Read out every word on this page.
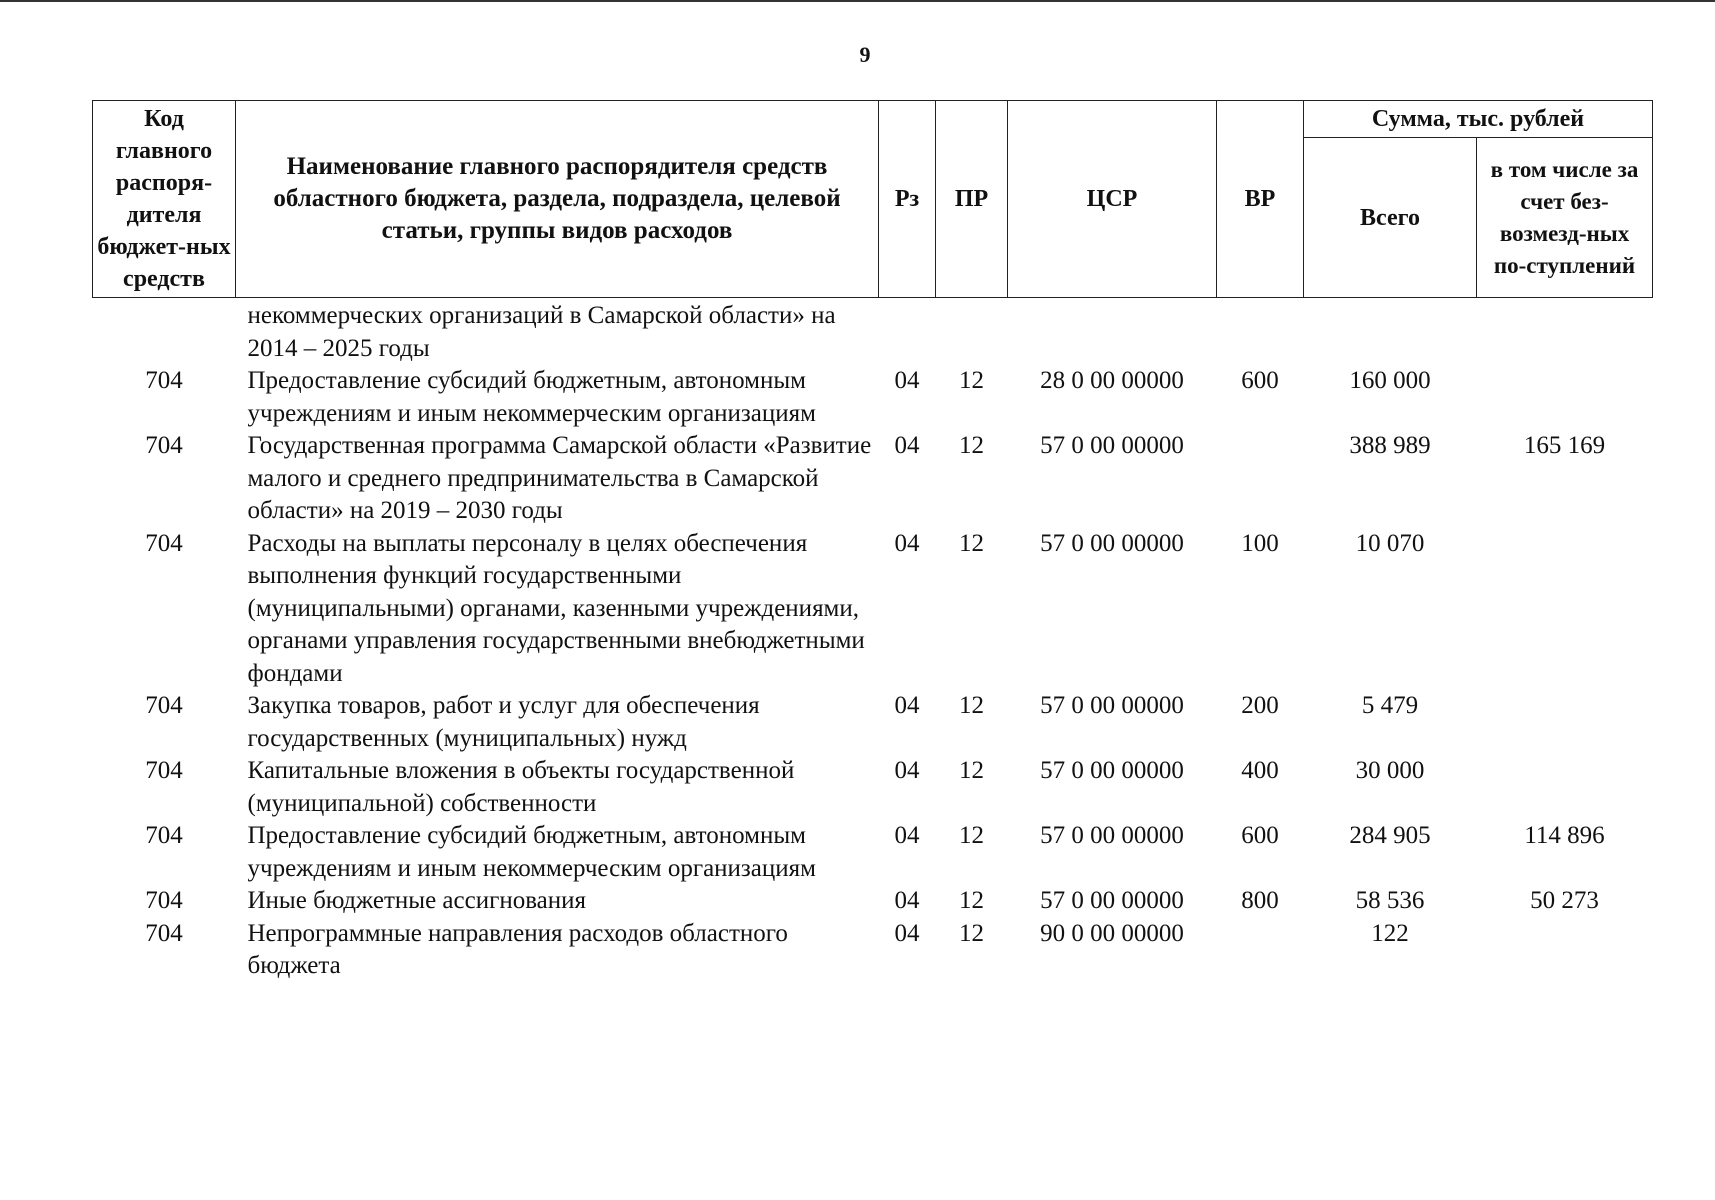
9
Код главного распоря-дителя бюджет-ных средств	Наименование главного распорядителя средств областного бюджета, раздела, подраздела, целевой статьи, группы видов расходов	Рз	ПР	ЦСР	ВР	Сумма, тыс. рублей	
						Всего	в том числе за счет без-возмезд-ных по-ступлений
	некоммерческих организаций в Самарской области» на 2014 – 2025 годы						
704	Предоставление субсидий бюджетным, автономным учреждениям и иным некоммерческим организациям	04	12	28 0 00 00000	600	160 000	
704	Государственная программа Самарской области «Развитие малого и среднего предпринимательства в Самарской области» на 2019 – 2030 годы	04	12	57 0 00 00000		388 989	165 169
704	Расходы на выплаты персоналу в целях обеспечения выполнения функций государственными (муниципальными) органами, казенными учреждениями, органами управления государственными внебюджетными фондами	04	12	57 0 00 00000	100	10 070	
704	Закупка товаров, работ и услуг для обеспечения государственных (муниципальных) нужд	04	12	57 0 00 00000	200	5 479	
704	Капитальные вложения в объекты государственной (муниципальной) собственности	04	12	57 0 00 00000	400	30 000	
704	Предоставление субсидий бюджетным, автономным учреждениям и иным некоммерческим организациям	04	12	57 0 00 00000	600	284 905	114 896
704	Иные бюджетные ассигнования	04	12	57 0 00 00000	800	58 536	50 273
704	Непрограммные направления расходов областного бюджета	04	12	90 0 00 00000		122	
